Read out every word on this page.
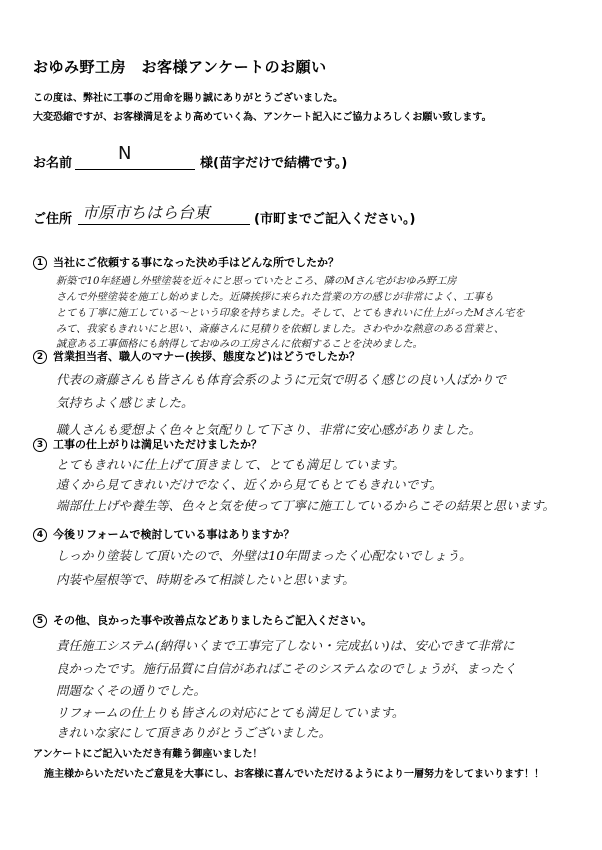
おゆみ野工房　お客様アンケートのお願い
この度は、弊社に工事のご用命を賜り誠にありがとうございました。
大変恐縮ですが、お客様満足をより高めていく為、アンケート記入にご協力よろしくお願い致します。
お名前	N	様(苗字だけで結構です。)
ご住所 市原市ちはら台東	(市町までご記入ください。)
1 当社にご依頼する事になった決め手はどんな所でしたか？
新築で10年経過し外壁塗装を近々にと思っていたところ、隣のMさん宅がおゆみ野工房
さんで外壁塗装を施工し始めました。近隣挨拶に来られた営業の方の感じが非常によく、工事も
とても丁寧に施工している〜という印象を持ちました。そして、とてもきれいに仕上がったMさん宅を
みて、我家もきれいにと思い、斎藤さんに見積りを依頼しました。さわやかな熱意のある営業と、
誠意ある工事価格にも納得しておゆみの工房さんに依頼することを決めました。
2 営業担当者、職人のマナー(挨拶、態度など)はどうでしたか？
代表の斎藤さんも皆さんも体育会系のように元気で明るく感じの良い人ばかりで
気持ちよく感じました。
職人さんも愛想よく色々と気配りして下さり、非常に安心感がありました。
3 工事の仕上がりは満足いただけましたか？
とてもきれいに仕上げて頂きまして、とても満足しています。
遠くから見てきれいだけでなく、近くから見てもとてもきれいです。
端部仕上げや養生等、色々と気を使って丁寧に施工しているからこその結果と思います。
4 今後リフォームで検討している事はありますか？
しっかり塗装して頂いたので、外壁は10年間まったく心配ないでしょう。
内装や屋根等で、時期をみて相談したいと思います。
5 その他、良かった事や改善点などありましたらご記入ください。
責任施工システム(納得いくまで工事完了しない・完成払い)は、安心できて非常に
良かったです。施行品質に自信があればこそのシステムなのでしょうが、まったく
問題なくその通りでした。
リフォームの仕上りも皆さんの対応にとても満足しています。
きれいな家にして頂きありがとうございました。
アンケートにご記入いただき有難う御座いました！
施主様からいただいたご意見を大事にし、お客様に喜んでいただけるようにより一層努力をしてまいります！！
